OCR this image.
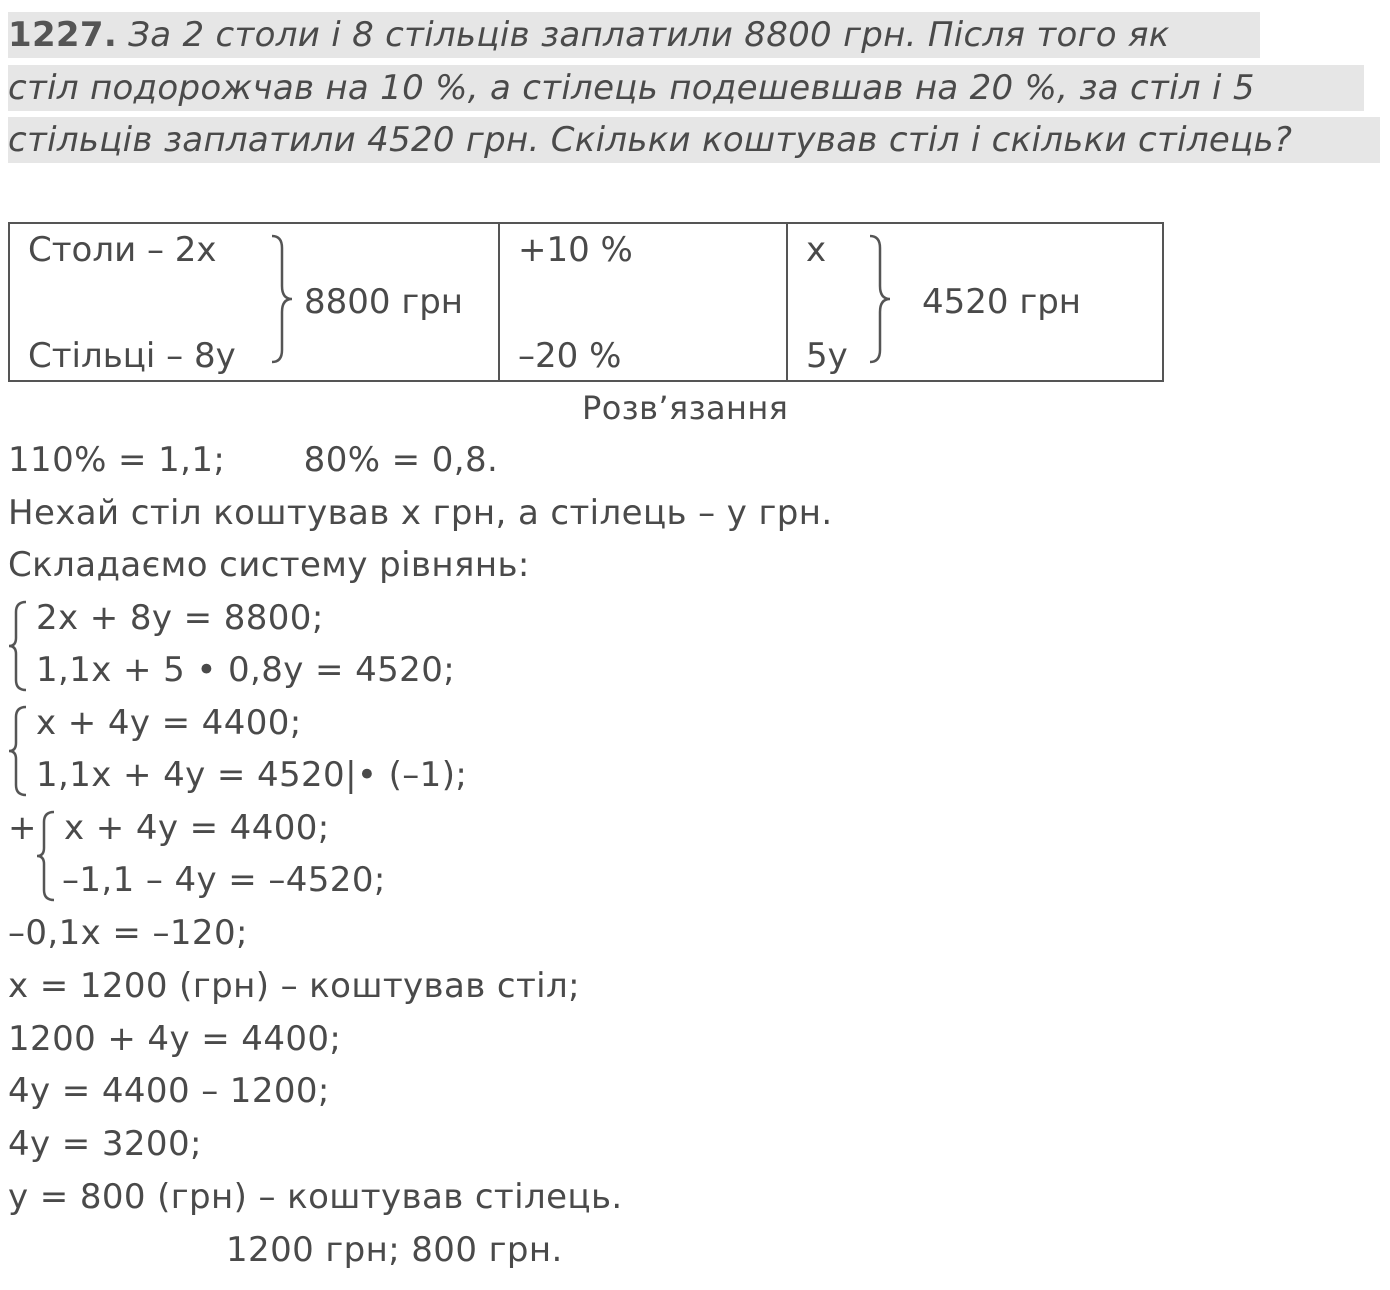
1227. За 2 столи і 8 стільців заплатили 8800 грн. Після того як
стіл подорожчав на 10 %, а стілець подешевшав на 20 %, за стіл і 5
стільців заплатили 4520 грн. Скільки коштував стіл і скільки стілець?
Столи – 2x
Стільці – 8y
8800 грн
+10 %
–20 %
x
5y
4520 грн
Розв’язання
110% = 1,1;       80% = 0,8.
Нехай стіл коштував x грн, а стілець – y грн.
Складаємо систему рівнянь:
2x + 8y = 8800;
1,1x + 5 • 0,8y = 4520;
x + 4y = 4400;
1,1x + 4y = 4520|• (–1);
+ x + 4y = 4400;
–1,1 – 4y = –4520;
–0,1x = –120;
x = 1200 (грн) – коштував стіл;
1200 + 4y = 4400;
4y = 4400 – 1200;
4y = 3200;
y = 800 (грн) – коштував стілець.
1200 грн; 800 грн.
